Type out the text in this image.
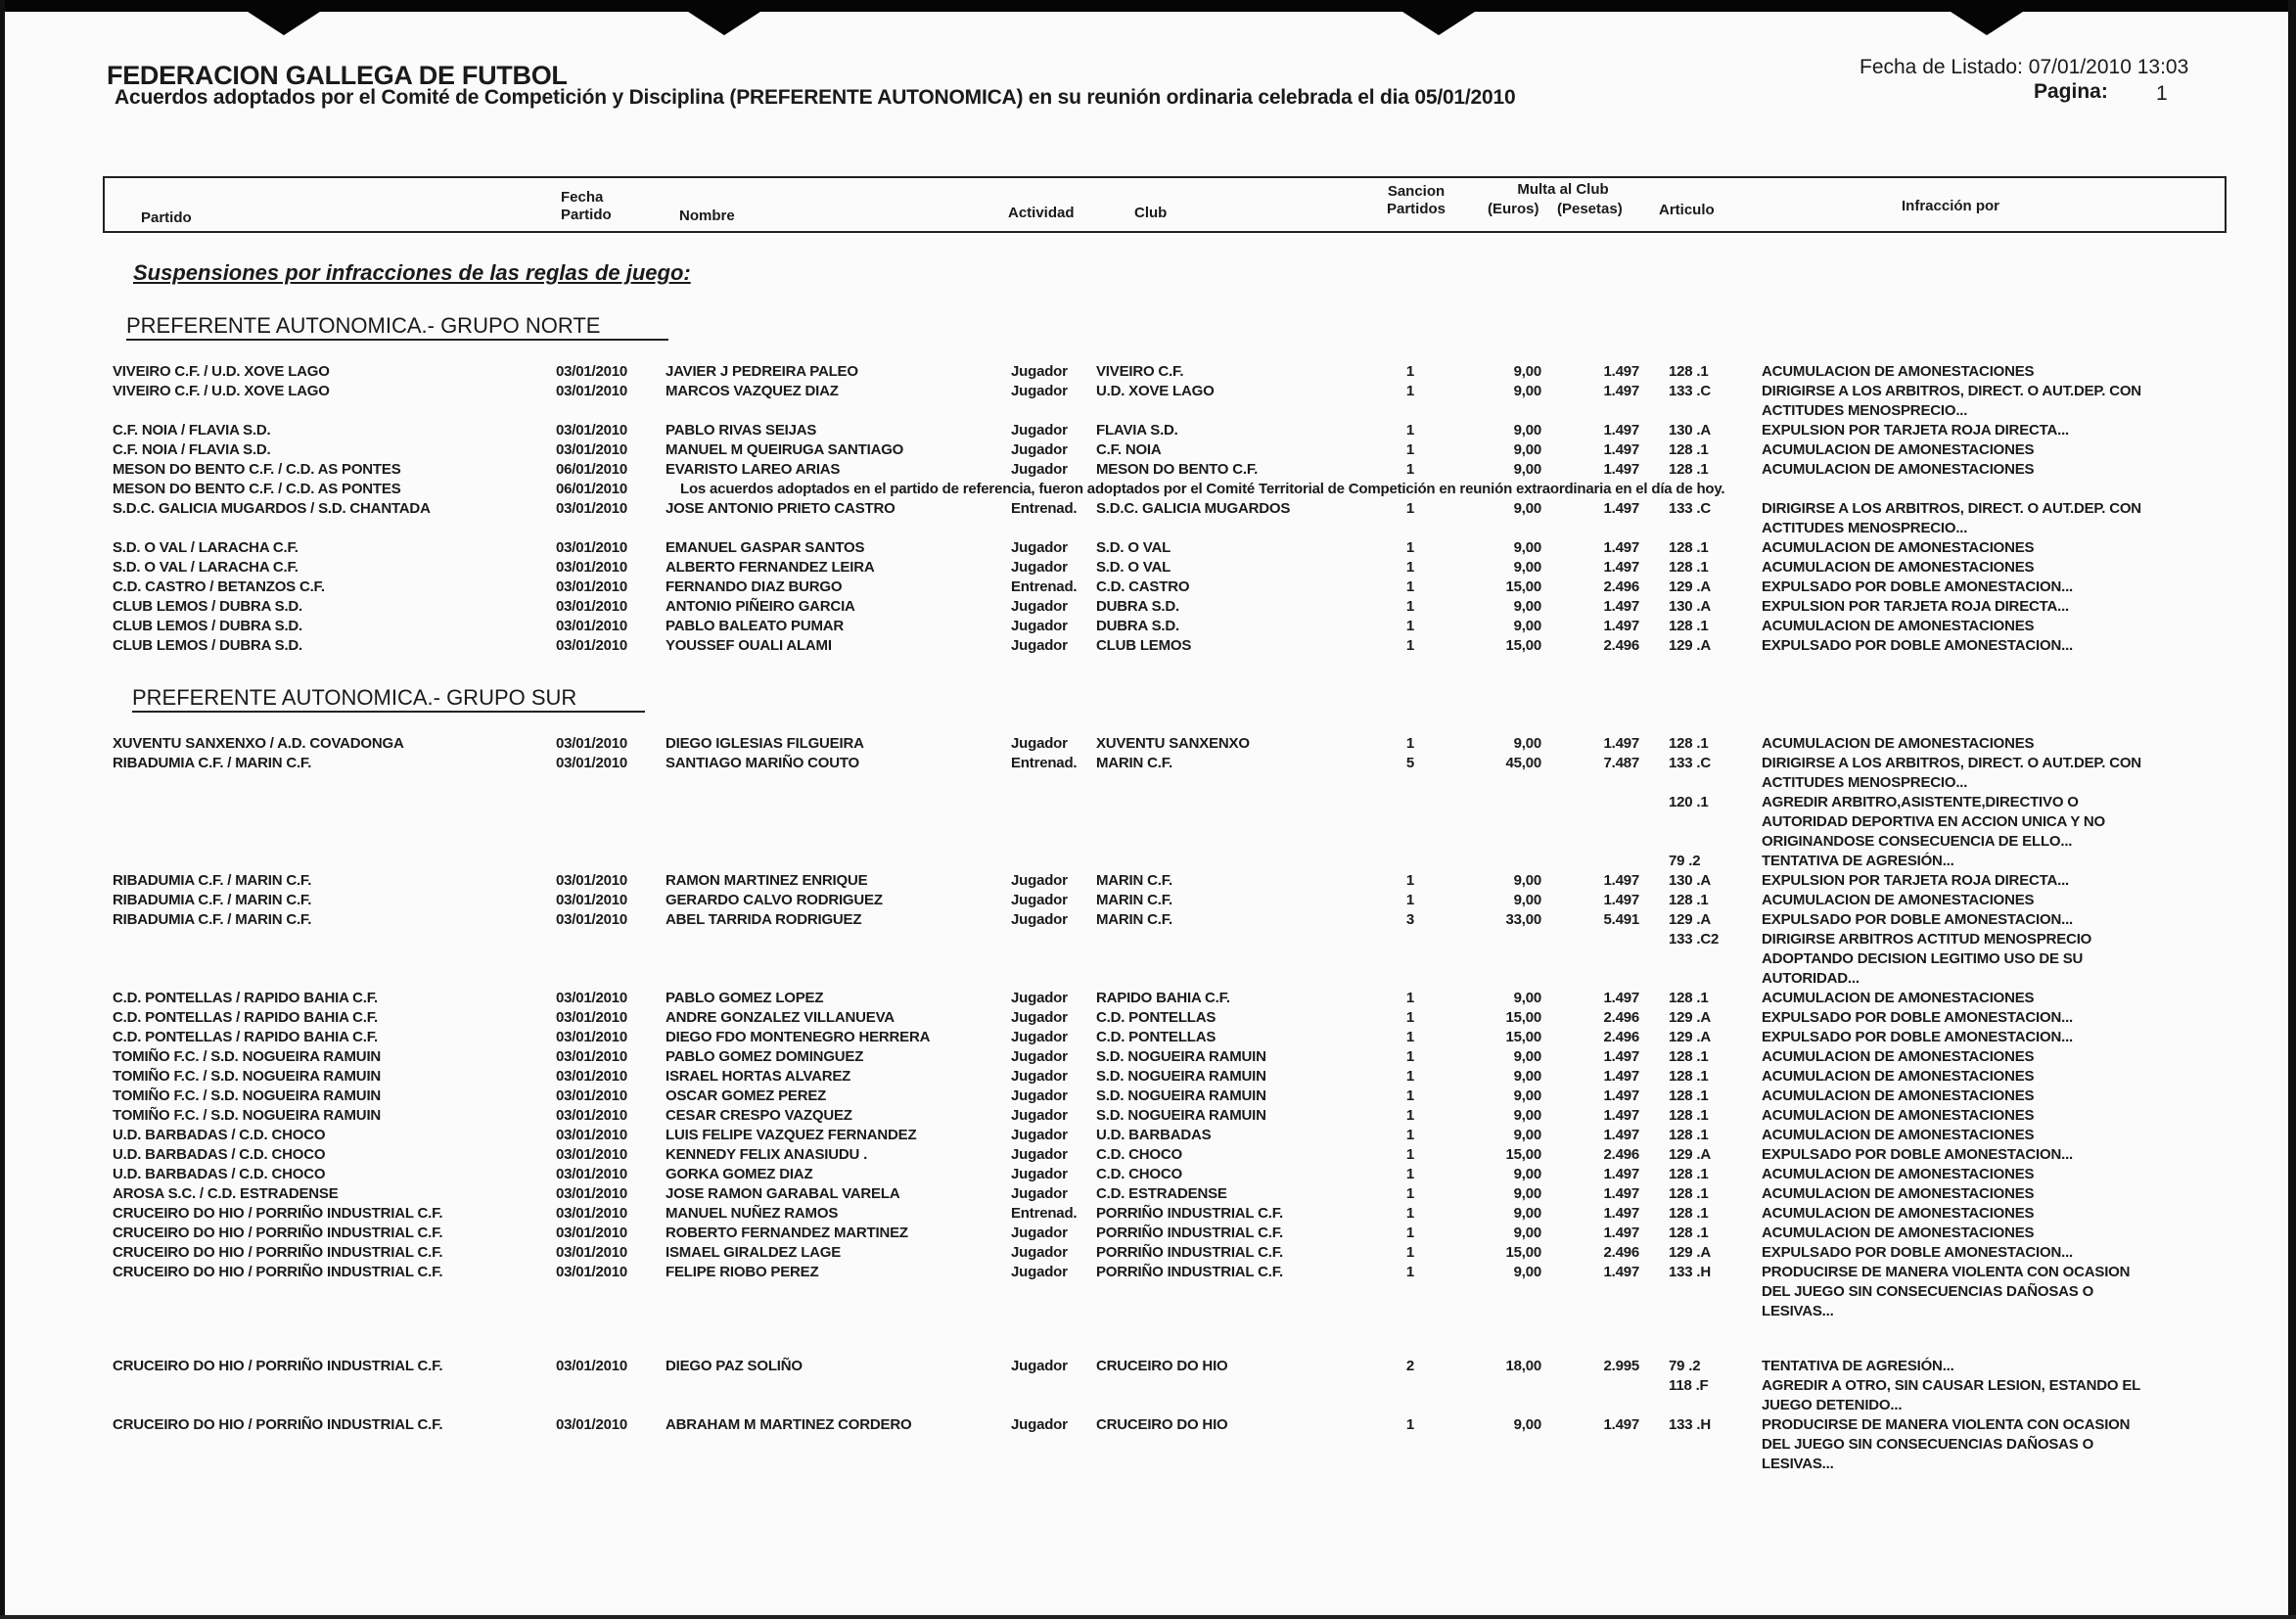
FEDERACION GALLEGA DE FUTBOL
Acuerdos adoptados por el Comité de Competición y Disciplina (PREFERENTE AUTONOMICA) en su reunión ordinaria celebrada el dia 05/01/2010
Fecha de Listado: 07/01/2010 13:03
Pagina: 1
Partido
Fecha
Partido	Nombre	Actividad	Club
Sancion
Partidos
Multa al Club
(Euros) (Pesetas) Articulo	Infracción por
Suspensiones por infracciones de las reglas de juego:
PREFERENTE AUTONOMICA.- GRUPO NORTE
VIVEIRO C.F. / U.D. XOVE LAGO	03/01/2010	JAVIER J PEDREIRA PALEO	Jugador VIVEIRO C.F.	1	9,00	1.497 128 .1	ACUMULACION DE AMONESTACIONES
VIVEIRO C.F. / U.D. XOVE LAGO	03/01/2010	MARCOS VAZQUEZ DIAZ	Jugador U.D. XOVE LAGO	1	9,00	1.497 133 .C	DIRIGIRSE A LOS ARBITROS, DIRECT. O AUT.DEP. CON
ACTITUDES MENOSPRECIO...
C.F. NOIA / FLAVIA S.D.	03/01/2010	PABLO RIVAS SEIJAS	Jugador FLAVIA S.D.	1	9,00	1.497 130 .A	EXPULSION POR TARJETA ROJA DIRECTA...
C.F. NOIA / FLAVIA S.D.	03/01/2010	MANUEL M QUEIRUGA SANTIAGO	Jugador C.F. NOIA	1	9,00	1.497 128 .1	ACUMULACION DE AMONESTACIONES
MESON DO BENTO C.F. / C.D. AS PONTES	06/01/2010	EVARISTO LAREO ARIAS	Jugador MESON DO BENTO C.F.	1	9,00	1.497 128 .1	ACUMULACION DE AMONESTACIONES
MESON DO BENTO C.F. / C.D. AS PONTES	06/01/2010	Los acuerdos adoptados en el partido de referencia, fueron adoptados por el Comité Territorial de Competición en reunión extraordinaria en el día de hoy.
S.D.C. GALICIA MUGARDOS / S.D. CHANTADA	03/01/2010	JOSE ANTONIO PRIETO CASTRO	Entrenad. S.D.C. GALICIA MUGARDOS	1	9,00	1.497 133 .C	DIRIGIRSE A LOS ARBITROS, DIRECT. O AUT.DEP. CON
ACTITUDES MENOSPRECIO...
S.D. O VAL / LARACHA C.F.	03/01/2010	EMANUEL GASPAR SANTOS	Jugador S.D. O VAL	1	9,00	1.497 128 .1	ACUMULACION DE AMONESTACIONES
S.D. O VAL / LARACHA C.F.	03/01/2010	ALBERTO FERNANDEZ LEIRA	Jugador S.D. O VAL	1	9,00	1.497 128 .1	ACUMULACION DE AMONESTACIONES
C.D. CASTRO / BETANZOS C.F.	03/01/2010	FERNANDO DIAZ BURGO	Entrenad. C.D. CASTRO	1	15,00	2.496 129 .A	EXPULSADO POR DOBLE AMONESTACION...
CLUB LEMOS / DUBRA S.D.	03/01/2010	ANTONIO PIÑEIRO GARCIA	Jugador DUBRA S.D.	1	9,00	1.497 130 .A	EXPULSION POR TARJETA ROJA DIRECTA...
CLUB LEMOS / DUBRA S.D.	03/01/2010	PABLO BALEATO PUMAR	Jugador DUBRA S.D.	1	9,00	1.497 128 .1	ACUMULACION DE AMONESTACIONES
CLUB LEMOS / DUBRA S.D.	03/01/2010	YOUSSEF OUALI ALAMI	Jugador CLUB LEMOS	1	15,00	2.496 129 .A	EXPULSADO POR DOBLE AMONESTACION...
PREFERENTE AUTONOMICA.- GRUPO SUR
XUVENTU SANXENXO / A.D. COVADONGA	03/01/2010	DIEGO IGLESIAS FILGUEIRA	Jugador XUVENTU SANXENXO	1	9,00	1.497 128 .1	ACUMULACION DE AMONESTACIONES
RIBADUMIA C.F. / MARIN C.F.	03/01/2010	SANTIAGO MARIÑO COUTO	Entrenad. MARIN C.F.	5	45,00	7.487 133 .C	DIRIGIRSE A LOS ARBITROS, DIRECT. O AUT.DEP. CON
ACTITUDES MENOSPRECIO...
120 .1	AGREDIR ARBITRO,ASISTENTE,DIRECTIVO O
AUTORIDAD DEPORTIVA EN ACCION UNICA Y NO
ORIGINANDOSE CONSECUENCIA DE ELLO...
79 .2	TENTATIVA DE AGRESIÓN...
RIBADUMIA C.F. / MARIN C.F.	03/01/2010	RAMON MARTINEZ ENRIQUE	Jugador MARIN C.F.	1	9,00	1.497 130 .A	EXPULSION POR TARJETA ROJA DIRECTA...
RIBADUMIA C.F. / MARIN C.F.	03/01/2010	GERARDO CALVO RODRIGUEZ	Jugador MARIN C.F.	1	9,00	1.497 128 .1	ACUMULACION DE AMONESTACIONES
RIBADUMIA C.F. / MARIN C.F.	03/01/2010	ABEL TARRIDA RODRIGUEZ	Jugador MARIN C.F.	3	33,00	5.491 129 .A	EXPULSADO POR DOBLE AMONESTACION...
133 .C2	DIRIGIRSE ARBITROS ACTITUD MENOSPRECIO
ADOPTANDO DECISION LEGITIMO USO DE SU
AUTORIDAD...
C.D. PONTELLAS / RAPIDO BAHIA C.F.	03/01/2010	PABLO GOMEZ LOPEZ	Jugador RAPIDO BAHIA C.F.	1	9,00	1.497 128 .1	ACUMULACION DE AMONESTACIONES
C.D. PONTELLAS / RAPIDO BAHIA C.F.	03/01/2010	ANDRE GONZALEZ VILLANUEVA	Jugador C.D. PONTELLAS	1	15,00	2.496 129 .A	EXPULSADO POR DOBLE AMONESTACION...
C.D. PONTELLAS / RAPIDO BAHIA C.F.	03/01/2010	DIEGO FDO MONTENEGRO HERRERA	Jugador C.D. PONTELLAS	1	15,00	2.496 129 .A	EXPULSADO POR DOBLE AMONESTACION...
TOMIÑO F.C. / S.D. NOGUEIRA RAMUIN	03/01/2010	PABLO GOMEZ DOMINGUEZ	Jugador S.D. NOGUEIRA RAMUIN	1	9,00	1.497 128 .1	ACUMULACION DE AMONESTACIONES
TOMIÑO F.C. / S.D. NOGUEIRA RAMUIN	03/01/2010	ISRAEL HORTAS ALVAREZ	Jugador S.D. NOGUEIRA RAMUIN	1	9,00	1.497 128 .1	ACUMULACION DE AMONESTACIONES
TOMIÑO F.C. / S.D. NOGUEIRA RAMUIN	03/01/2010	OSCAR GOMEZ PEREZ	Jugador S.D. NOGUEIRA RAMUIN	1	9,00	1.497 128 .1	ACUMULACION DE AMONESTACIONES
TOMIÑO F.C. / S.D. NOGUEIRA RAMUIN	03/01/2010	CESAR CRESPO VAZQUEZ	Jugador S.D. NOGUEIRA RAMUIN	1	9,00	1.497 128 .1	ACUMULACION DE AMONESTACIONES
U.D. BARBADAS / C.D. CHOCO	03/01/2010	LUIS FELIPE VAZQUEZ FERNANDEZ	Jugador U.D. BARBADAS	1	9,00	1.497 128 .1	ACUMULACION DE AMONESTACIONES
U.D. BARBADAS / C.D. CHOCO	03/01/2010	KENNEDY FELIX ANASIUDU .	Jugador C.D. CHOCO	1	15,00	2.496 129 .A	EXPULSADO POR DOBLE AMONESTACION...
U.D. BARBADAS / C.D. CHOCO	03/01/2010	GORKA GOMEZ DIAZ	Jugador C.D. CHOCO	1	9,00	1.497 128 .1	ACUMULACION DE AMONESTACIONES
AROSA S.C. / C.D. ESTRADENSE	03/01/2010	JOSE RAMON GARABAL VARELA	Jugador C.D. ESTRADENSE	1	9,00	1.497 128 .1	ACUMULACION DE AMONESTACIONES
CRUCEIRO DO HIO / PORRIÑO INDUSTRIAL C.F.	03/01/2010	MANUEL NUÑEZ RAMOS	Entrenad. PORRIÑO INDUSTRIAL C.F.	1	9,00	1.497 128 .1	ACUMULACION DE AMONESTACIONES
CRUCEIRO DO HIO / PORRIÑO INDUSTRIAL C.F.	03/01/2010	ROBERTO FERNANDEZ MARTINEZ	Jugador PORRIÑO INDUSTRIAL C.F.	1	9,00	1.497 128 .1	ACUMULACION DE AMONESTACIONES
CRUCEIRO DO HIO / PORRIÑO INDUSTRIAL C.F.	03/01/2010	ISMAEL GIRALDEZ LAGE	Jugador PORRIÑO INDUSTRIAL C.F.	1	15,00	2.496 129 .A	EXPULSADO POR DOBLE AMONESTACION...
CRUCEIRO DO HIO / PORRIÑO INDUSTRIAL C.F.	03/01/2010	FELIPE RIOBO PEREZ	Jugador PORRIÑO INDUSTRIAL C.F.	1	9,00	1.497 133 .H	PRODUCIRSE DE MANERA VIOLENTA CON OCASION
DEL JUEGO SIN CONSECUENCIAS DAÑOSAS O
LESIVAS...
CRUCEIRO DO HIO / PORRIÑO INDUSTRIAL C.F.	03/01/2010	DIEGO PAZ SOLIÑO	Jugador CRUCEIRO DO HIO	2	18,00	2.995 79 .2	TENTATIVA DE AGRESIÓN...
118 .F	AGREDIR A OTRO, SIN CAUSAR LESION, ESTANDO EL
JUEGO DETENIDO...
CRUCEIRO DO HIO / PORRIÑO INDUSTRIAL C.F.	03/01/2010	ABRAHAM M MARTINEZ CORDERO	Jugador CRUCEIRO DO HIO	1	9,00	1.497 133 .H	PRODUCIRSE DE MANERA VIOLENTA CON OCASION
DEL JUEGO SIN CONSECUENCIAS DAÑOSAS O
LESIVAS...
